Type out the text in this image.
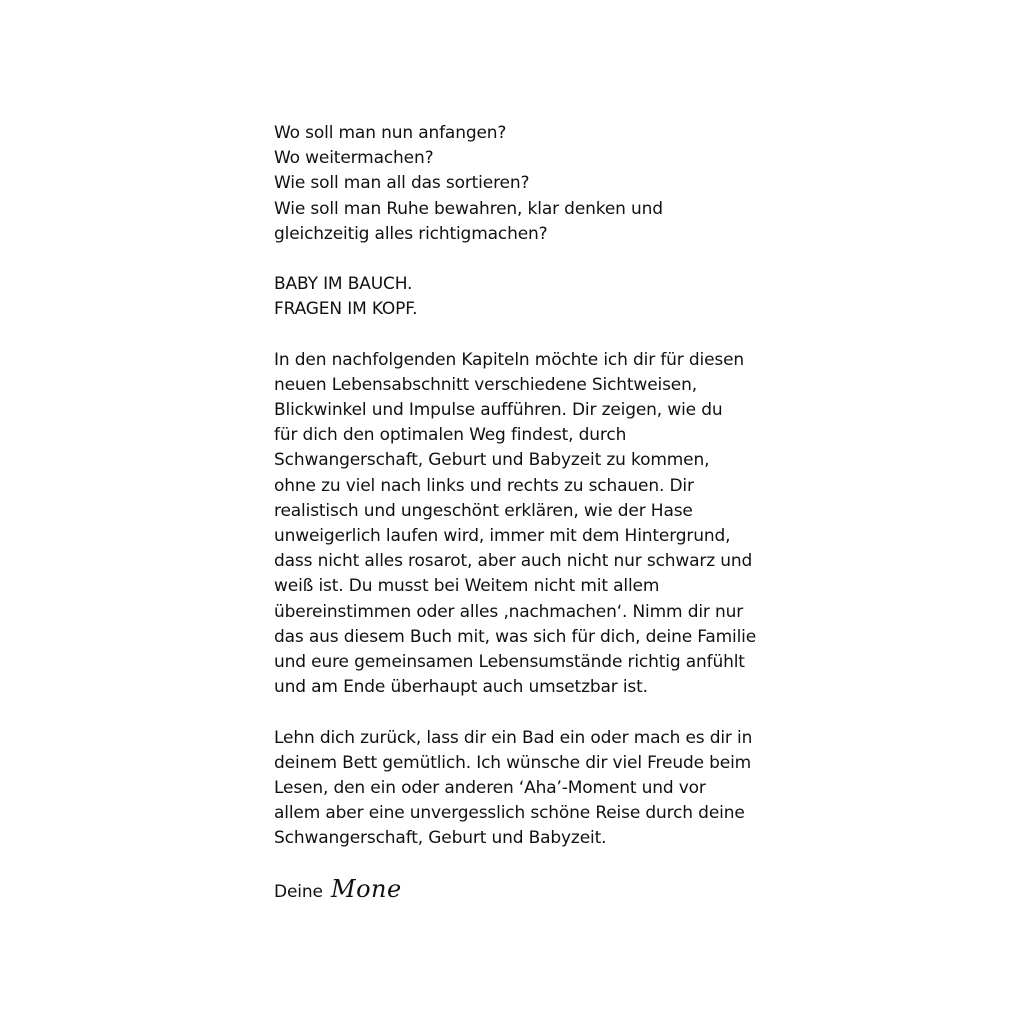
Wo soll man nun anfangen?
Wo weitermachen?
Wie soll man all das sortieren?
Wie soll man Ruhe bewahren, klar denken und
gleichzeitig alles richtigmachen?
BABY IM BAUCH.
FRAGEN IM KOPF.
In den nachfolgenden Kapiteln möchte ich dir für diesen
neuen Lebensabschnitt verschiedene Sichtweisen,
Blickwinkel und Impulse aufführen. Dir zeigen, wie du
für dich den optimalen Weg findest, durch
Schwangerschaft, Geburt und Babyzeit zu kommen,
ohne zu viel nach links und rechts zu schauen. Dir
realistisch und ungeschönt erklären, wie der Hase
unweigerlich laufen wird, immer mit dem Hintergrund,
dass nicht alles rosarot, aber auch nicht nur schwarz und
weiß ist. Du musst bei Weitem nicht mit allem
übereinstimmen oder alles ‚nachmachen‘. Nimm dir nur
das aus diesem Buch mit, was sich für dich, deine Familie
und eure gemeinsamen Lebensumstände richtig anfühlt
und am Ende überhaupt auch umsetzbar ist.
Lehn dich zurück, lass dir ein Bad ein oder mach es dir in
deinem Bett gemütlich. Ich wünsche dir viel Freude beim
Lesen, den ein oder anderen ‘Aha’-Moment und vor
allem aber eine unvergesslich schöne Reise durch deine
Schwangerschaft, Geburt und Babyzeit.
Deine Mone
